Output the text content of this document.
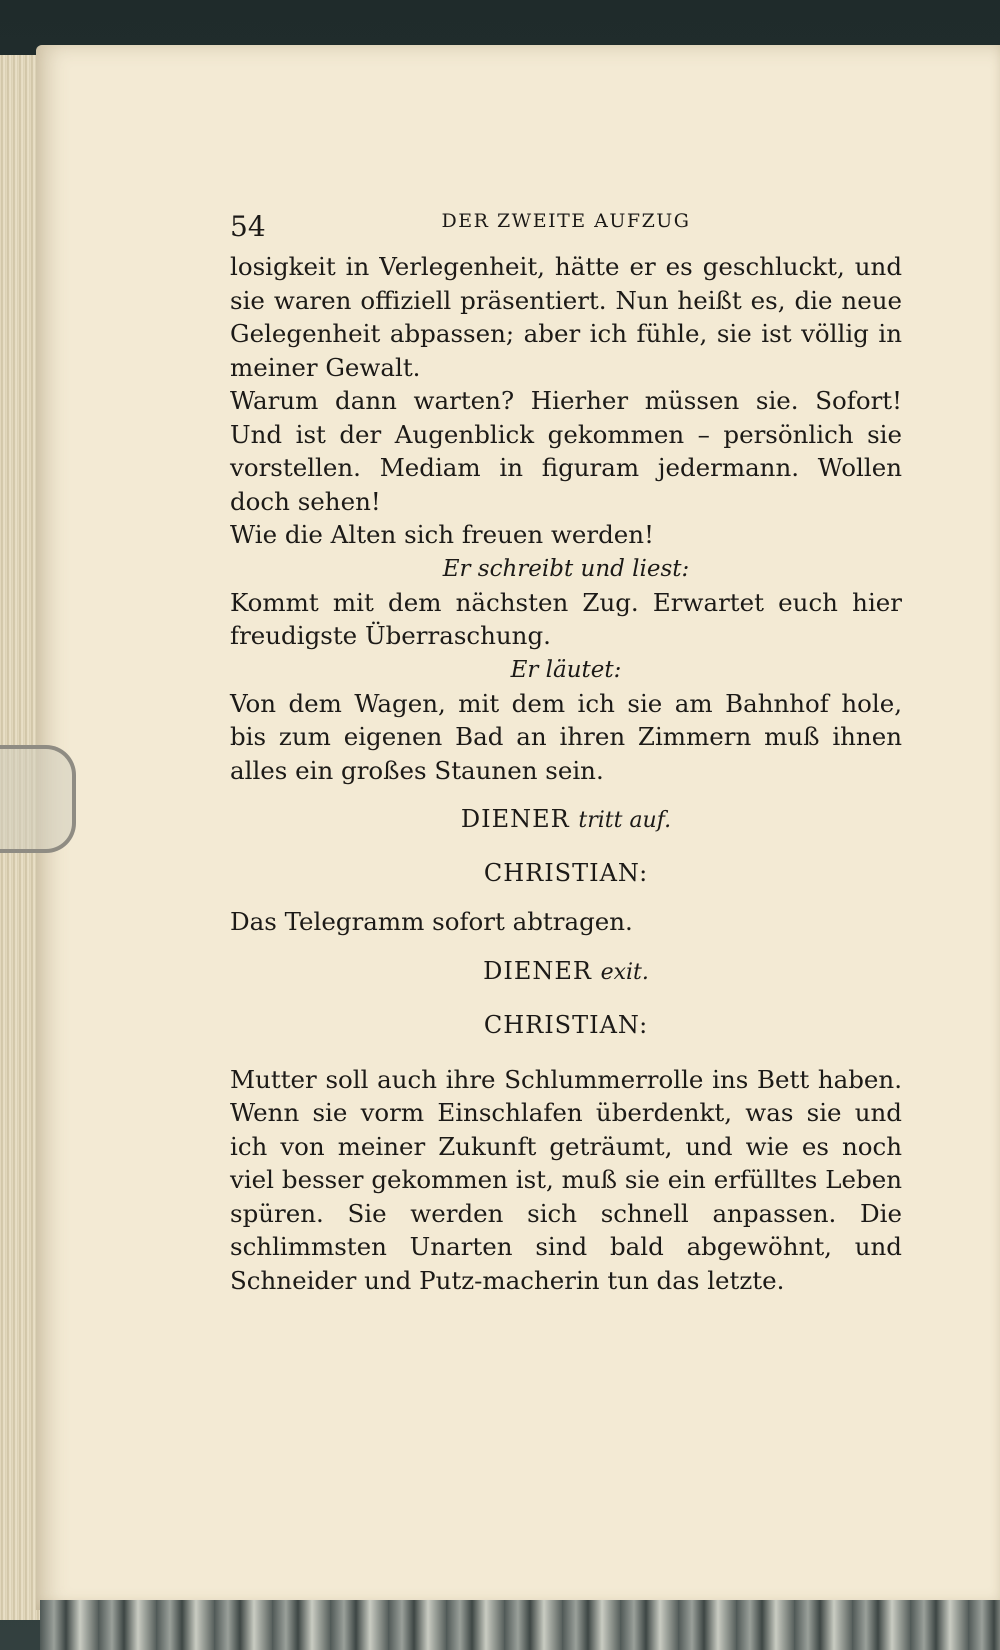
54	DER ZWEITE AUFZUG

losigkeit in Verlegenheit, hätte er es geschluckt, und sie waren offiziell präsentiert. Nun heißt es, die neue Gelegenheit abpassen; aber ich fühle, sie ist völlig in meiner Gewalt.

Warum dann warten? Hierher müssen sie. Sofort! Und ist der Augenblick gekommen – persönlich sie vorstellen. Mediam in figuram jedermann. Wollen doch sehen!

Wie die Alten sich freuen werden!

Er schreibt und liest:

Kommt mit dem nächsten Zug. Erwartet euch hier freudigste Überraschung.

Er läutet:

Von dem Wagen, mit dem ich sie am Bahnhof hole, bis zum eigenen Bad an ihren Zimmern muß ihnen alles ein großes Staunen sein.

DIENER tritt auf.

CHRISTIAN:

Das Telegramm sofort abtragen.

DIENER exit.

CHRISTIAN:

Mutter soll auch ihre Schlummerrolle ins Bett haben. Wenn sie vorm Einschlafen überdenkt, was sie und ich von meiner Zukunft geträumt, und wie es noch viel besser gekommen ist, muß sie ein erfülltes Leben spüren. Sie werden sich schnell anpassen. Die schlimmsten Unarten sind bald abgewöhnt, und Schneider und Putz-macherin tun das letzte.
